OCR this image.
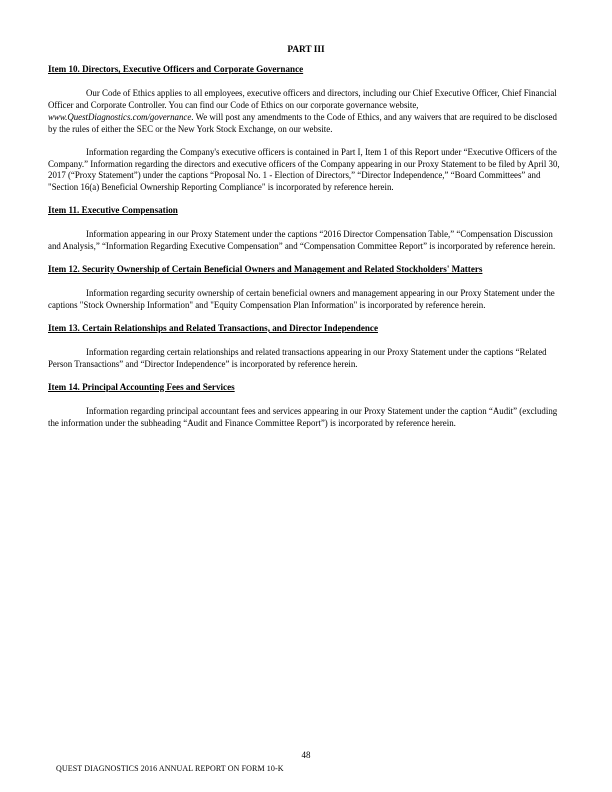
PART III

Item 10. Directors, Executive Officers and Corporate Governance

Our Code of Ethics applies to all employees, executive officers and directors, including our Chief Executive Officer, Chief Financial Officer and Corporate Controller. You can find our Code of Ethics on our corporate governance website, www.QuestDiagnostics.com/governance. We will post any amendments to the Code of Ethics, and any waivers that are required to be disclosed by the rules of either the SEC or the New York Stock Exchange, on our website.

Information regarding the Company's executive officers is contained in Part I, Item 1 of this Report under “Executive Officers of the Company.” Information regarding the directors and executive officers of the Company appearing in our Proxy Statement to be filed by April 30, 2017 (“Proxy Statement”) under the captions “Proposal No. 1 - Election of Directors,” “Director Independence,” “Board Committees” and "Section 16(a) Beneficial Ownership Reporting Compliance" is incorporated by reference herein.

Item 11. Executive Compensation

Information appearing in our Proxy Statement under the captions “2016 Director Compensation Table,” “Compensation Discussion and Analysis,” “Information Regarding Executive Compensation” and “Compensation Committee Report” is incorporated by reference herein.

Item 12. Security Ownership of Certain Beneficial Owners and Management and Related Stockholders' Matters

Information regarding security ownership of certain beneficial owners and management appearing in our Proxy Statement under the captions "Stock Ownership Information" and "Equity Compensation Plan Information" is incorporated by reference herein.

Item 13. Certain Relationships and Related Transactions, and Director Independence

Information regarding certain relationships and related transactions appearing in our Proxy Statement under the captions “Related Person Transactions” and “Director Independence” is incorporated by reference herein.

Item 14. Principal Accounting Fees and Services

Information regarding principal accountant fees and services appearing in our Proxy Statement under the caption “Audit” (excluding the information under the subheading “Audit and Finance Committee Report”) is incorporated by reference herein.

48

QUEST DIAGNOSTICS 2016 ANNUAL REPORT ON FORM 10-K
